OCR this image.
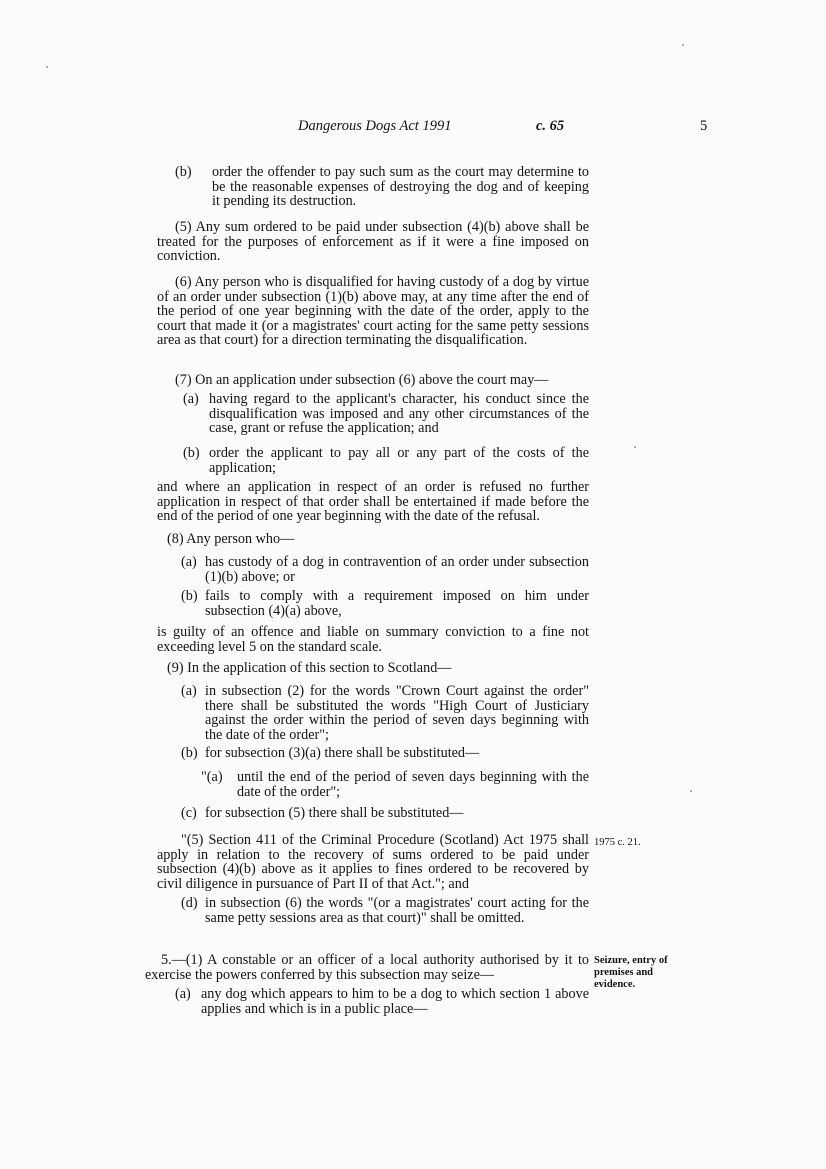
Dangerous Dogs Act 1991	c. 65	5
(b) order the offender to pay such sum as the court may determine to be the reasonable expenses of destroying the dog and of keeping it pending its destruction.
(5) Any sum ordered to be paid under subsection (4)(b) above shall be treated for the purposes of enforcement as if it were a fine imposed on conviction.
(6) Any person who is disqualified for having custody of a dog by virtue of an order under subsection (1)(b) above may, at any time after the end of the period of one year beginning with the date of the order, apply to the court that made it (or a magistrates' court acting for the same petty sessions area as that court) for a direction terminating the disqualification.
(7) On an application under subsection (6) above the court may—
(a) having regard to the applicant's character, his conduct since the disqualification was imposed and any other circumstances of the case, grant or refuse the application; and
(b) order the applicant to pay all or any part of the costs of the application;
and where an application in respect of an order is refused no further application in respect of that order shall be entertained if made before the end of the period of one year beginning with the date of the refusal.
(8) Any person who—
(a) has custody of a dog in contravention of an order under subsection (1)(b) above; or
(b) fails to comply with a requirement imposed on him under subsection (4)(a) above,
is guilty of an offence and liable on summary conviction to a fine not exceeding level 5 on the standard scale.
(9) In the application of this section to Scotland—
(a) in subsection (2) for the words "Crown Court against the order" there shall be substituted the words "High Court of Justiciary against the order within the period of seven days beginning with the date of the order";
(b) for subsection (3)(a) there shall be substituted—
"(a) until the end of the period of seven days beginning with the date of the order";
(c) for subsection (5) there shall be substituted—
"(5) Section 411 of the Criminal Procedure (Scotland) Act 1975 shall apply in relation to the recovery of sums ordered to be paid under subsection (4)(b) above as it applies to fines ordered to be recovered by civil diligence in pursuance of Part II of that Act."; and
(d) in subsection (6) the words "(or a magistrates' court acting for the same petty sessions area as that court)" shall be omitted.
5.—(1) A constable or an officer of a local authority authorised by it to exercise the powers conferred by this subsection may seize—
(a) any dog which appears to him to be a dog to which section 1 above applies and which is in a public place—
1975 c. 21.
Seizure, entry of premises and evidence.
